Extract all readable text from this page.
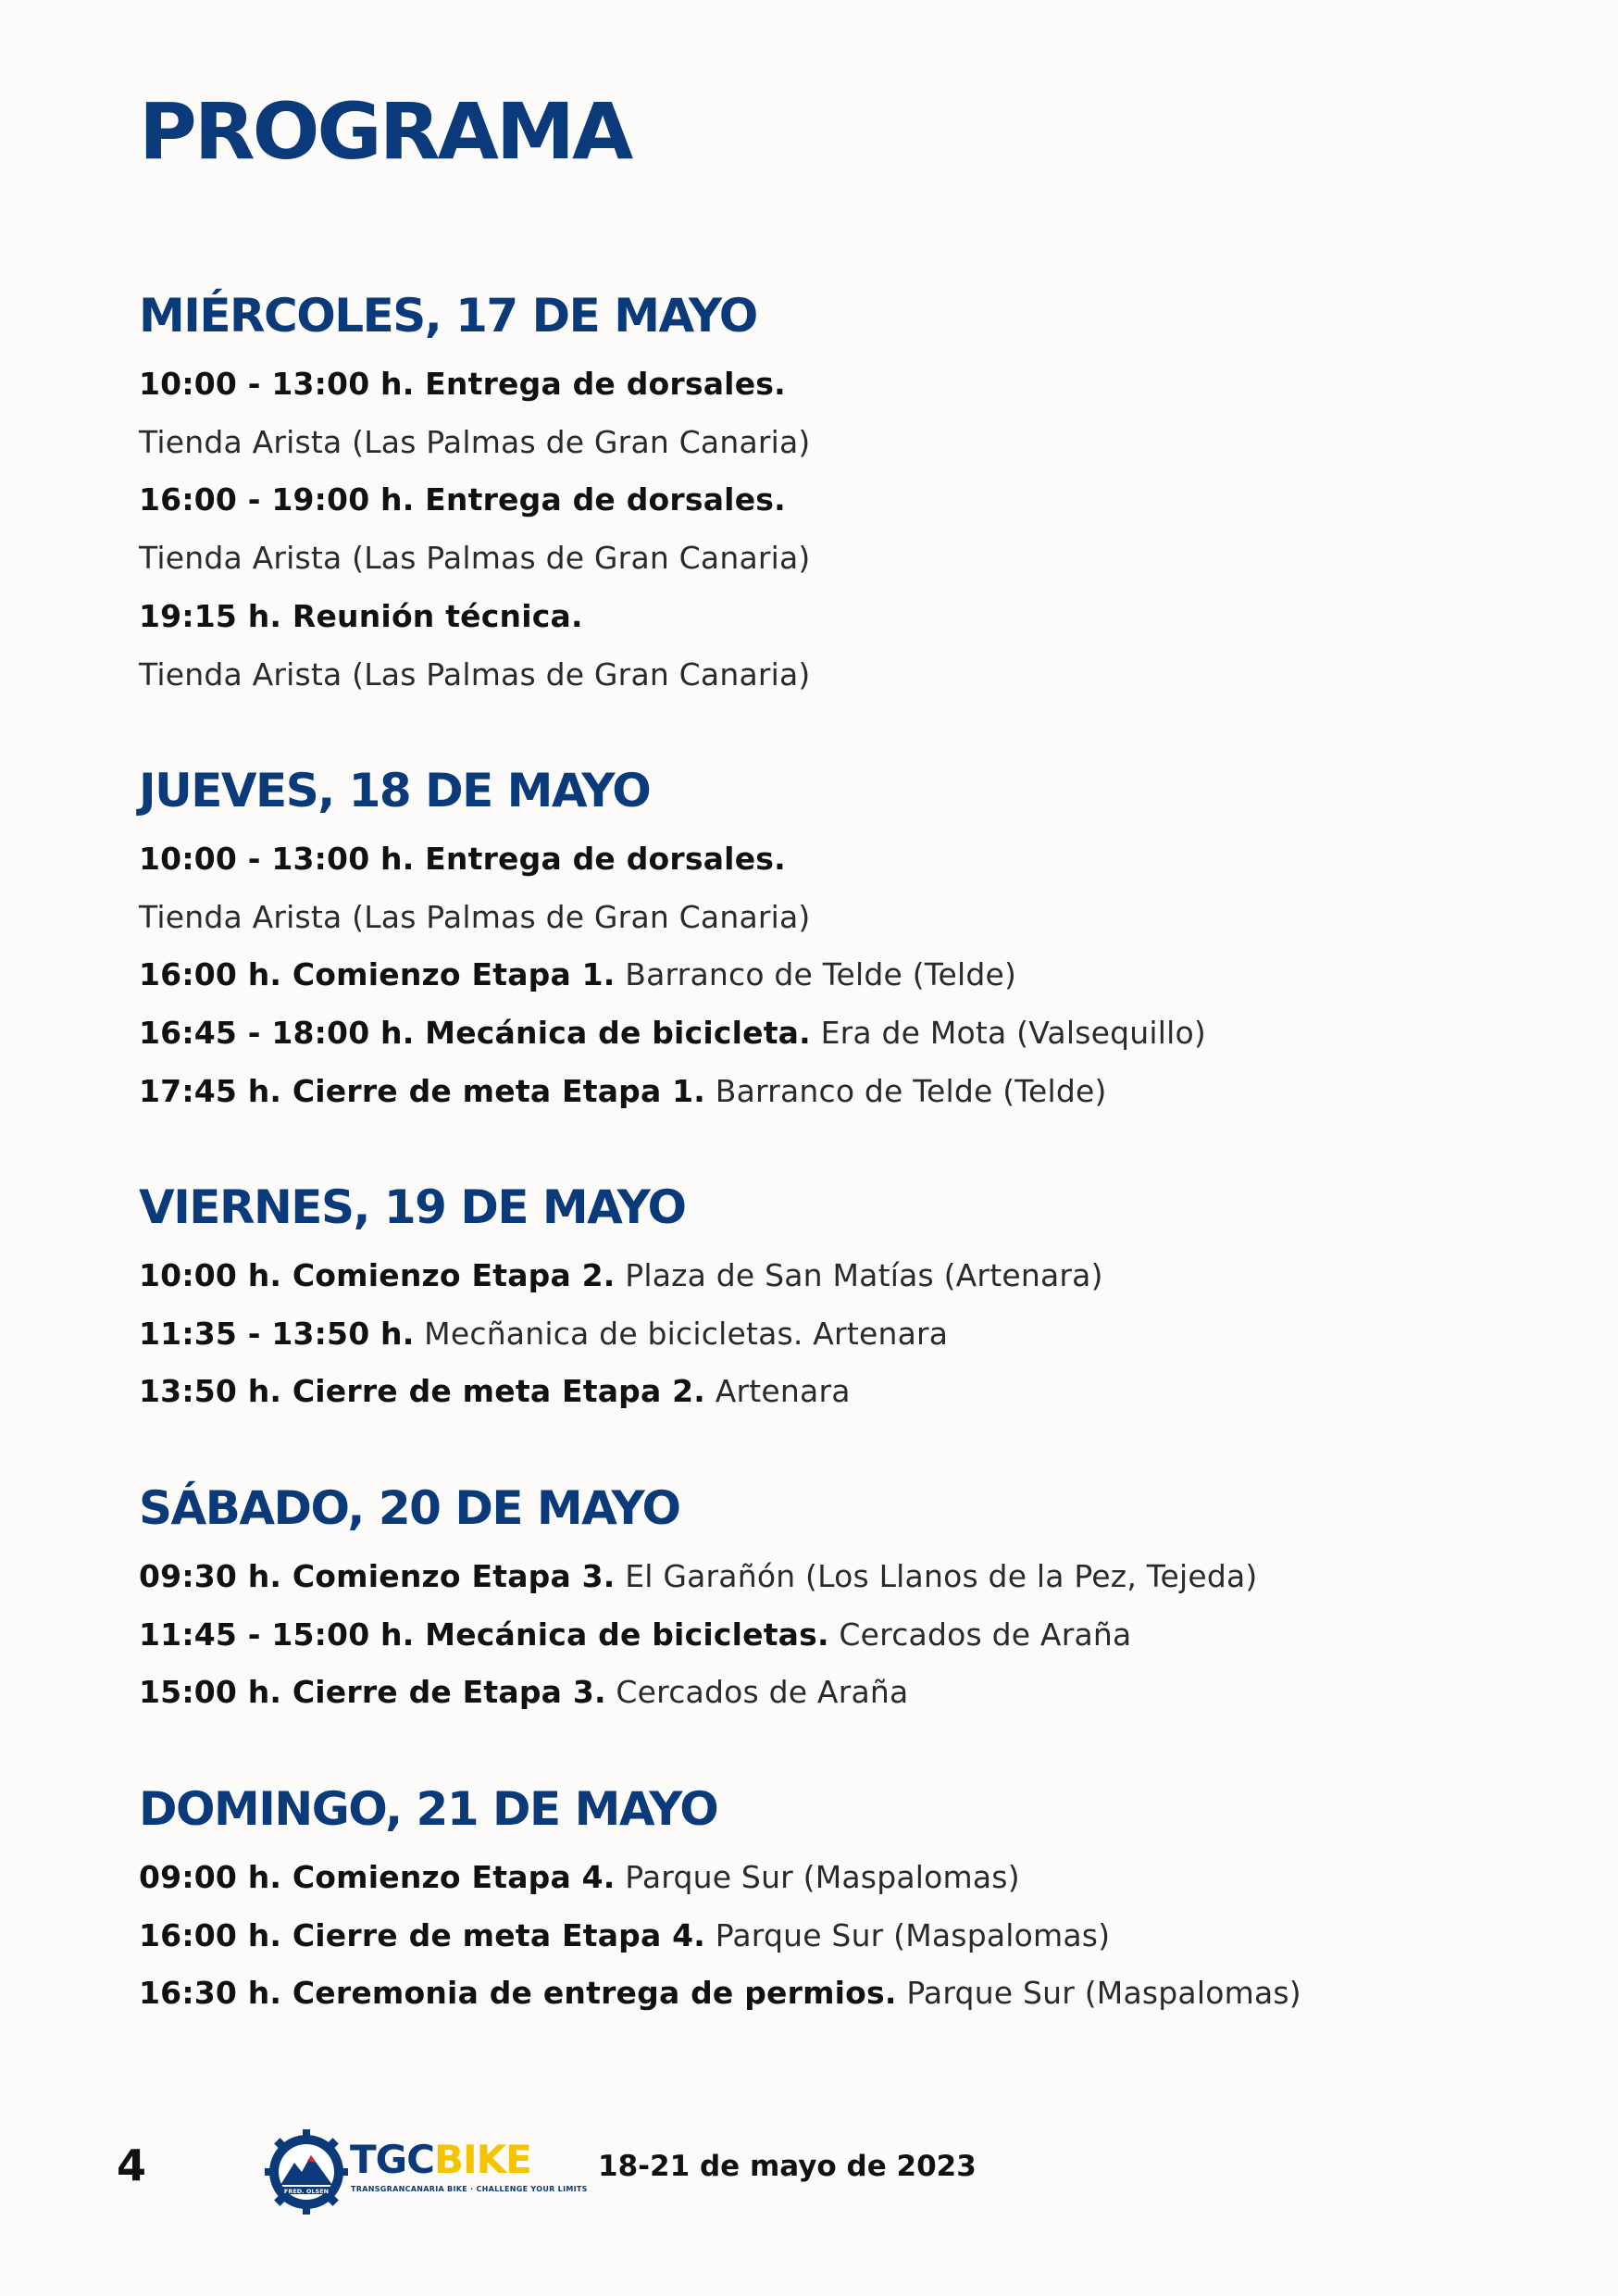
PROGRAMA
MIÉRCOLES, 17 DE MAYO
10:00 - 13:00 h. Entrega de dorsales.
Tienda Arista (Las Palmas de Gran Canaria)
16:00 - 19:00 h. Entrega de dorsales.
Tienda Arista (Las Palmas de Gran Canaria)
19:15 h. Reunión técnica.
Tienda Arista (Las Palmas de Gran Canaria)
JUEVES, 18 DE MAYO
10:00 - 13:00 h. Entrega de dorsales.
Tienda Arista (Las Palmas de Gran Canaria)
16:00 h. Comienzo Etapa 1. Barranco de Telde (Telde)
16:45 - 18:00 h. Mecánica de bicicleta. Era de Mota (Valsequillo)
17:45 h. Cierre de meta Etapa 1. Barranco de Telde (Telde)
VIERNES, 19 DE MAYO
10:00 h. Comienzo Etapa 2. Plaza de San Matías (Artenara)
11:35 - 13:50 h. Mecñanica de bicicletas. Artenara
13:50 h. Cierre de meta Etapa 2. Artenara
SÁBADO, 20 DE MAYO
09:30 h. Comienzo Etapa 3. El Garañón (Los Llanos de la Pez, Tejeda)
11:45 - 15:00 h. Mecánica de bicicletas. Cercados de Araña
15:00 h. Cierre de Etapa 3. Cercados de Araña
DOMINGO, 21 DE MAYO
09:00 h. Comienzo Etapa 4. Parque Sur (Maspalomas)
16:00 h. Cierre de meta Etapa 4. Parque Sur (Maspalomas)
16:30 h. Ceremonia de entrega de permios. Parque Sur (Maspalomas)
4
FRED. OLSEN
TGCBIKE
TRANSGRANCANARIA BIKE · CHALLENGE YOUR LIMITS
18-21 de mayo de 2023
